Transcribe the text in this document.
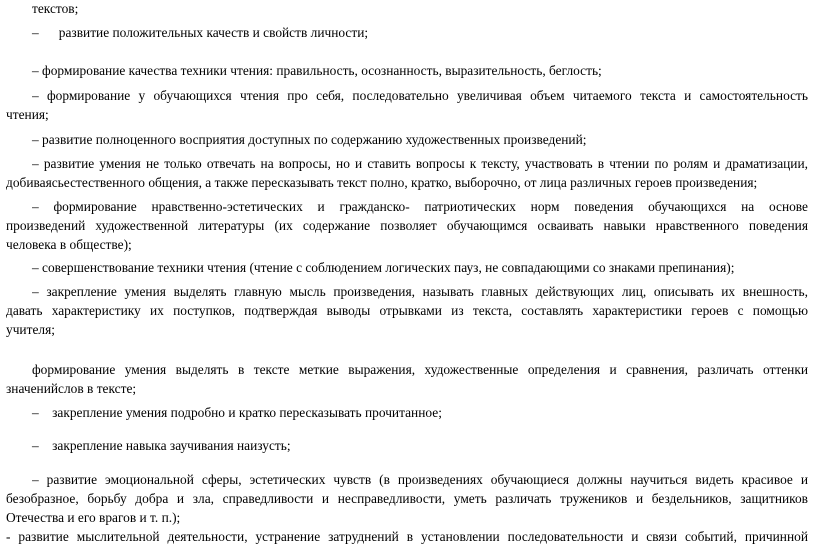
текстов;
–      развитие положительных качеств и свойств личности;
– формирование качества техники чтения: правильность, осознанность, выразительность, беглость;
– формирование у обучающихся чтения про себя, последовательно увеличивая объем читаемого текста и самостоятельность
чтения;
– развитие полноценного восприятия доступных по содержанию художественных произведений;
– развитие умения не только отвечать на вопросы, но и ставить вопросы к тексту, участвовать в чтении по ролям и драматизации,
добиваясьестественного общения, а также пересказывать текст полно, кратко, выборочно, от лица различных героев произведения;
– формирование нравственно-эстетических и гражданско- патриотических норм поведения обучающихся на основе
произведений художественной литературы (их содержание позволяет обучающимся осваивать навыки нравственного поведения
человека в обществе);
– совершенствование техники чтения (чтение с соблюдением логических пауз, не совпадающими со знаками препинания);
– закрепление умения выделять главную мысль произведения, называть главных действующих лиц, описывать их внешность,
давать характеристику их поступков, подтверждая выводы отрывками из текста, составлять характеристики героев с помощью
учителя;
формирование умения выделять в тексте меткие выражения, художественные определения и сравнения, различать оттенки
значенийслов в тексте;
–    закрепление умения подробно и кратко пересказывать прочитанное;
–    закрепление навыка заучивания наизусть;
– развитие эмоциональной сферы, эстетических чувств (в произведениях обучающиеся должны научиться видеть красивое и
безобразное, борьбу добра и зла, справедливости и несправедливости, уметь различать тружеников и бездельников, защитников
Отечества и его врагов и т. п.);
- развитие мыслительной деятельности, устранение затруднений в установлении последовательности и связи событий, причинной
